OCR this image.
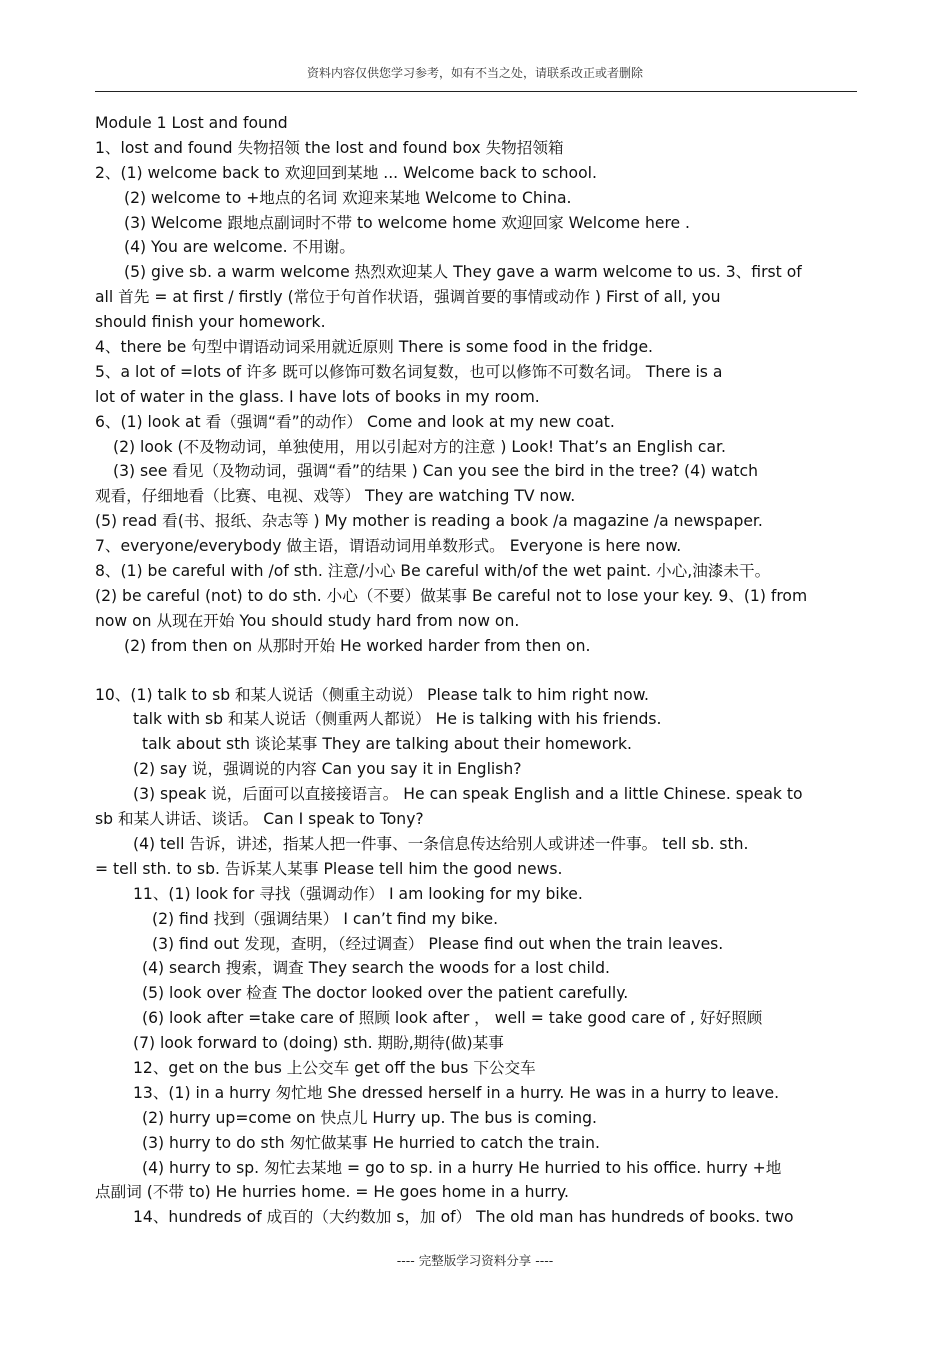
资料内容仅供您学习参考，如有不当之处，请联系改正或者删除
Module 1 Lost and found
1、lost and found 失物招领 the lost and found box 失物招领箱
2、(1) welcome back to 欢迎回到某地 ... Welcome back to school.
(2) welcome to +地点的名词 欢迎来某地 Welcome to China.
(3) Welcome 跟地点副词时不带 to welcome home 欢迎回家 Welcome here .
(4) You are welcome. 不用谢。
(5) give sb. a warm welcome 热烈欢迎某人 They gave a warm welcome to us. 3、first of
all 首先 = at first / firstly (常位于句首作状语，强调首要的事情或动作 ) First of all, you
should finish your homework.
4、there be 句型中谓语动词采用就近原则 There is some food in the fridge.
5、a lot of =lots of 许多 既可以修饰可数名词复数，也可以修饰不可数名词。 There is a
lot of water in the glass. I have lots of books in my room.
6、(1) look at 看（强调“看”的动作） Come and look at my new coat.
(2) look (不及物动词，单独使用，用以引起对方的注意 ) Look! That’s an English car.
(3) see 看见（及物动词，强调“看”的结果 ) Can you see the bird in the tree? (4) watch
观看，仔细地看（比赛、电视、戏等） They are watching TV now.
(5) read 看(书、报纸、杂志等 ) My mother is reading a book /a magazine /a newspaper.
7、everyone/everybody 做主语，谓语动词用单数形式。 Everyone is here now.
8、(1) be careful with /of sth. 注意/小心 Be careful with/of the wet paint. 小心,油漆未干。
(2) be careful (not) to do sth. 小心（不要）做某事 Be careful not to lose your key. 9、(1) from
now on 从现在开始 You should study hard from now on.
(2) from then on 从那时开始 He worked harder from then on.
10、(1) talk to sb 和某人说话（侧重主动说） Please talk to him right now.
talk with sb 和某人说话（侧重两人都说） He is talking with his friends.
talk about sth 谈论某事 They are talking about their homework.
(2) say 说，强调说的内容 Can you say it in English?
(3) speak 说，后面可以直接接语言。 He can speak English and a little Chinese. speak to
sb 和某人讲话、谈话。 Can I speak to Tony?
(4) tell 告诉，讲述，指某人把一件事、一条信息传达给别人或讲述一件事。 tell sb. sth.
= tell sth. to sb. 告诉某人某事 Please tell him the good news.
11、(1) look for 寻找（强调动作） I am looking for my bike.
(2) find 找到（强调结果） I can’t find my bike.
(3) find out 发现，查明，（经过调查） Please find out when the train leaves.
(4) search 搜索，调查 They search the woods for a lost child.
(5) look over 检查 The doctor looked over the patient carefully.
(6) look after =take care of 照顾 look after ， well = take good care of , 好好照顾
(7) look forward to (doing) sth. 期盼,期待(做)某事
12、get on the bus 上公交车 get off the bus 下公交车
13、(1) in a hurry 匆忙地 She dressed herself in a hurry. He was in a hurry to leave.
(2) hurry up=come on 快点儿 Hurry up. The bus is coming.
(3) hurry to do sth 匆忙做某事 He hurried to catch the train.
(4) hurry to sp. 匆忙去某地 = go to sp. in a hurry He hurried to his office. hurry +地
点副词 (不带 to) He hurries home. = He goes home in a hurry.
14、hundreds of 成百的（大约数加 s，加 of） The old man has hundreds of books. two
---- 完整版学习资料分享 ----
